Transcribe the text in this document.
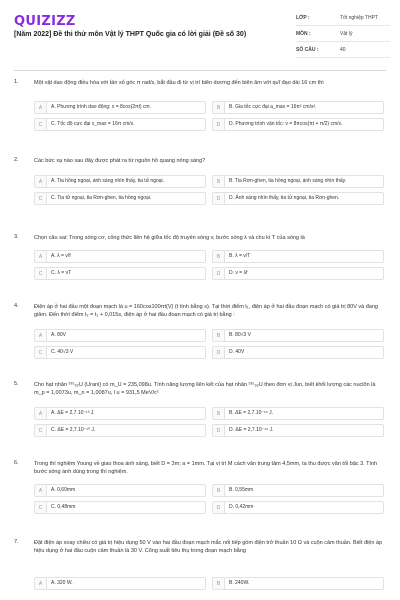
QUIZIZZ
[Năm 2022] Đề thi thử môn Vật lý THPT Quốc gia có lời giải (Đề số 30)
LỚP :	Tốt nghiệp THPT
MÔN :	Vật lý
SỐ CÂU :	40
1.	Một vật dao động điều hòa với tần số góc π rad/s, bắt đầu đi từ vị trí biên dương đến biên âm với quĩ đạo dài 16 cm thì
A	A. Phương trình dao động: x = 8cos(2πt) cm.	B	B. Gia tốc cực đại a_max = 16π² cm/s².
C	C. Tốc độ cực đại v_max = 16π cm/s.	D	D. Phương trình vận tốc: v = 8πcos(πt + π/2) cm/s.
2.	Các bức xạ nào sau đây được phát ra từ nguồn hồ quang nóng sáng?
A	A. Tia hồng ngoại, ánh sáng nhìn thấy, tia tử ngoại.	B	B. Tia Rơn-ghen, tia hồng ngoại, ánh sáng nhìn thấy.
C	C. Tia tử ngoại, tia Rơn-ghen, tia hồng ngoại.	D	D. Ánh sáng nhìn thấy, tia tử ngoại, tia Rơn-ghen.
3.	Chọn câu sai: Trong sóng cơ, công thức liên hệ giữa tốc độ truyền sóng v, bước sóng λ và chu kì T của sóng là
A	A. λ = v/f	B	B. λ = v/T
C	C. λ = vT	D	D. v = λf
4.	Điện áp ở hai đầu một đoạn mạch là u = 160cos100πt(V) (t tính bằng s). Tại thời điểm t₁, điện áp ở hai đầu đoạn mạch có giá trị 80V và đang giảm. Đến thời điểm t₂ = t₁ + 0,015s, điện áp ở hai đầu đoạn mạch có giá trị bằng :
A	A. 80V	B	B. 80√3 V
C	C. 40√3 V	D	D. 40V
5.	Cho hạt nhân ²³⁵₉₂U (Urani) có m_U = 235,098u. Tính năng lượng liên kết của hạt nhân ²³⁵₉₂U theo đơn vị Jun, biết khối lượng các nuclôn là m_p = 1,0073u, m_n = 1,0087u, l u = 931,5 MeV/c²
A	A. ΔE = 2,7.10⁻¹³ J.	B	B. ΔE = 2,7.10⁻¹⁶ J.
C	C. ΔE = 2,7.10⁻¹⁰ J.	D	D. ΔE = 2,7.10⁻¹⁹ J.
6.	Trong thí nghiệm Young về giao thoa ánh sáng, biết D = 3m; a = 1mm. Tại vị trí M cách vân trung tâm 4,5mm, ta thu được vân tối bậc 3. Tính bước sóng ánh dùng trong thí nghiệm.
A	A. 0,60mm	B	B. 0,55mm
C	C. 0,48mm	D	D. 0,42mm
7.	Đặt điện áp xoay chiều có giá trị hiệu dụng 50 V vào hai đầu đoạn mạch mắc nối tiếp gồm điện trở thuần 10 Ω và cuộn cảm thuần. Biết điện áp hiệu dụng ở hai đầu cuộn cảm thuần là 30 V. Công suất tiêu thụ trong đoạn mạch bằng
A	A. 320 W.	B	B. 240W.
